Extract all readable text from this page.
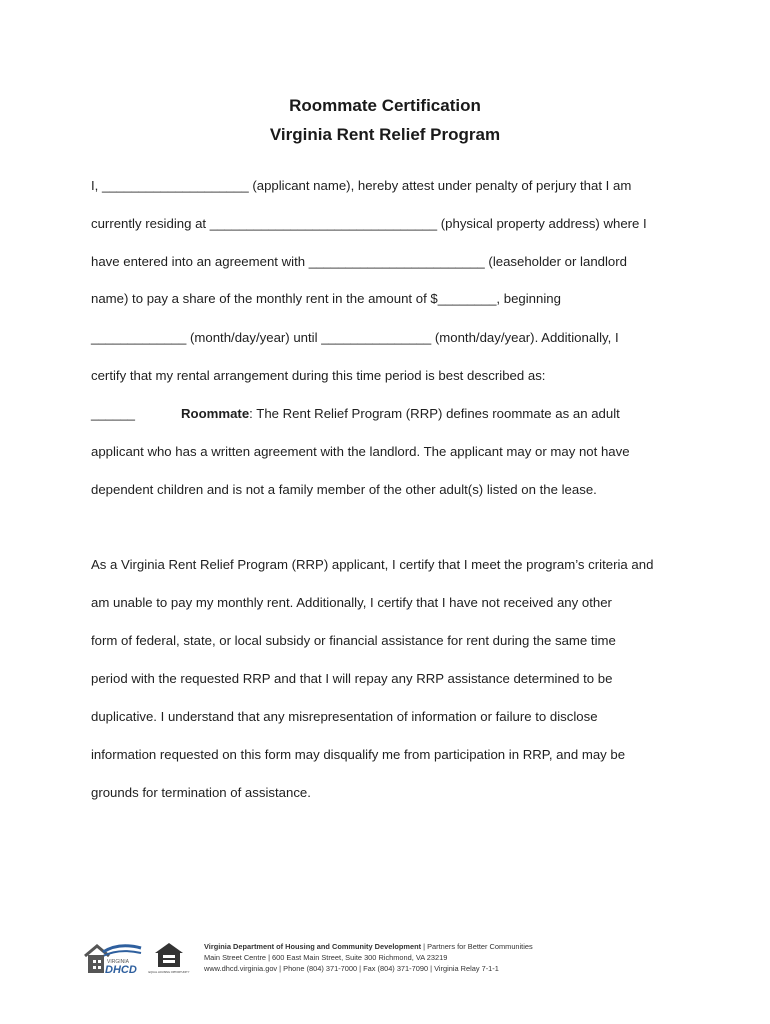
Roommate Certification
Virginia Rent Relief Program
I, ____________________ (applicant name), hereby attest under penalty of perjury that I am
currently residing at _______________________________ (physical property address) where I
have entered into an agreement with ________________________ (leaseholder or landlord
name) to pay a share of the monthly rent in the amount of $________, beginning
_____________ (month/day/year) until _______________ (month/day/year). Additionally, I
certify that my rental arrangement during this time period is best described as:
______	Roommate: The Rent Relief Program (RRP) defines roommate as an adult
applicant who has a written agreement with the landlord. The applicant may or may not have
dependent children and is not a family member of the other adult(s) listed on the lease.
As a Virginia Rent Relief Program (RRP) applicant, I certify that I meet the program’s criteria and
am unable to pay my monthly rent. Additionally, I certify that I have not received any other
form of federal, state, or local subsidy or financial assistance for rent during the same time
period with the requested RRP and that I will repay any RRP assistance determined to be
duplicative. I understand that any misrepresentation of information or failure to disclose
information requested on this form may disqualify me from participation in RRP, and may be
grounds for termination of assistance.
VIRGINIA
DHCD	EQUAL HOUSING OPPORTUNITY
Virginia Department of Housing and Community Development | Partners for Better Communities
Main Street Centre | 600 East Main Street, Suite 300 Richmond, VA 23219
www.dhcd.virginia.gov | Phone (804) 371-7000 | Fax (804) 371-7090 | Virginia Relay 7-1-1
